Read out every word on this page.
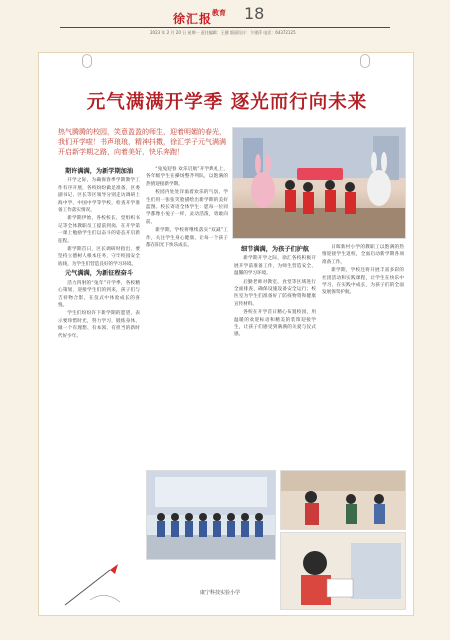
徐汇报 教育 18
2023 年 2 月 20 日 星期一 责任编辑：王健 版面设计：卞建萍 电话：64372125
元气满满开学季 逐光而行向未来
热气腾腾的校园，笑意盈盈的师生，迎着明媚的春光，我们开学啦！书声琅琅，精神抖擞，徐汇学子元气满满开启新学期之路，向着美好，快乐奔跑！
期许满满，为新学期加油

开学之际，为确保春季学期教学工作有序开展，各校纷纷做足准备，区委副书记、区长等区领导分别走访调研上海中学、中国中学等学校，检查开学准备工作落实情况。

新学期伊始，各校校长、党组织书记等全体教职员工提前到岗，在开学第一课上勉励学生们以奋斗的姿态开启新征程。

新学期首日，区长调研时指出，要坚持立德树人根本任务，守牢校园安全底线，为学生们营造良好的学习环境。

元气满满，为新征程奋斗

活力四射的“兔年”开学季，各校精心策划，迎接学生们的到来，孩子们与吉祥物合影，在仪式中体验成长的喜悦。

学生们纷纷许下新学期的愿望，表示要珍惜时光，努力学习，锻炼身体，做一个有理想、有本领、有担当的新时代好少年。

“兔兔迎春 欢乐启航”开学典礼上，各年级学生在操场整齐列队，以饱满的热情迎接新学期。

校园内处处洋溢着欢乐的气氛，学生们用一张张笑脸描绘出新学期的美好蓝图。校长寄语全体学生：愿每一位同学都像小兔子一样，灵动活泼，勇敢向前。

新学期，学校将继续落实“双减”工作，关注学生身心健康，让每一个孩子都在阳光下快乐成长。

细节满满，为孩子们护航

新学期开学之际，徐汇各校积极开展开学前准备工作，为师生营造安全、温馨的学习环境。

后勤老师对教室、食堂等区域进行全面排查，确保设施设备安全运行；校医室为学生们准备好了防疫物资和健康宣传材料。

各校在开学首日精心布置校园，用温暖的欢迎标语和精美的装饰迎接学生，让孩子们感受到满满的关爱与仪式感。

日晖新村小学的教职工以饱满的热情迎接学生返校，全面启动新学期各项准备工作。

新学期，学校还将开展丰富多彩的社团活动和实践课程，让学生在快乐中学习，在实践中成长，为孩子们的全面发展保驾护航。

康宁科技实验小学
